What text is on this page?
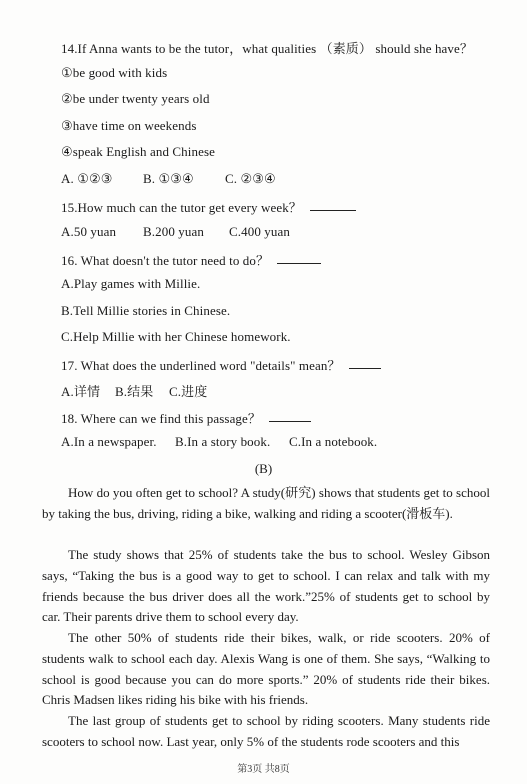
14.If Anna wants to be the tutor，what qualities （素质） should she have？
①be good with kids
②be under twenty years old
③have time on weekends
④speak English and Chinese
A. ①②③ B. ①③④ C. ②③④
15.How much can the tutor get every week？
A.50 yuan B.200 yuan C.400 yuan
16. What doesn't the tutor need to do？
A.Play games with Millie.
B.Tell Millie stories in Chinese.
C.Help Millie with her Chinese homework.
17. What does the underlined word "details" mean？
A.详情 B.结果 C.进度
18. Where can we find this passage？
A.In a newspaper. B.In a story book. C.In a notebook.
(B)

How do you often get to school? A study(研究) shows that students get to school by taking the bus, driving, riding a bike, walking and riding a scooter(滑板车).

The study shows that 25% of students take the bus to school. Wesley Gibson says, “Taking the bus is a good way to get to school. I can relax and talk with my friends because the bus driver does all the work.”25% of students get to school by car. Their parents drive them to school every day.

The other 50% of students ride their bikes, walk, or ride scooters. 20% of students walk to school each day. Alexis Wang is one of them. She says, “Walking to school is good because you can do more sports.” 20% of students ride their bikes. Chris Madsen likes riding his bike with his friends.

The last group of students get to school by riding scooters. Many students ride scooters to school now. Last year, only 5% of the students rode scooters and this

第3页 共8页
